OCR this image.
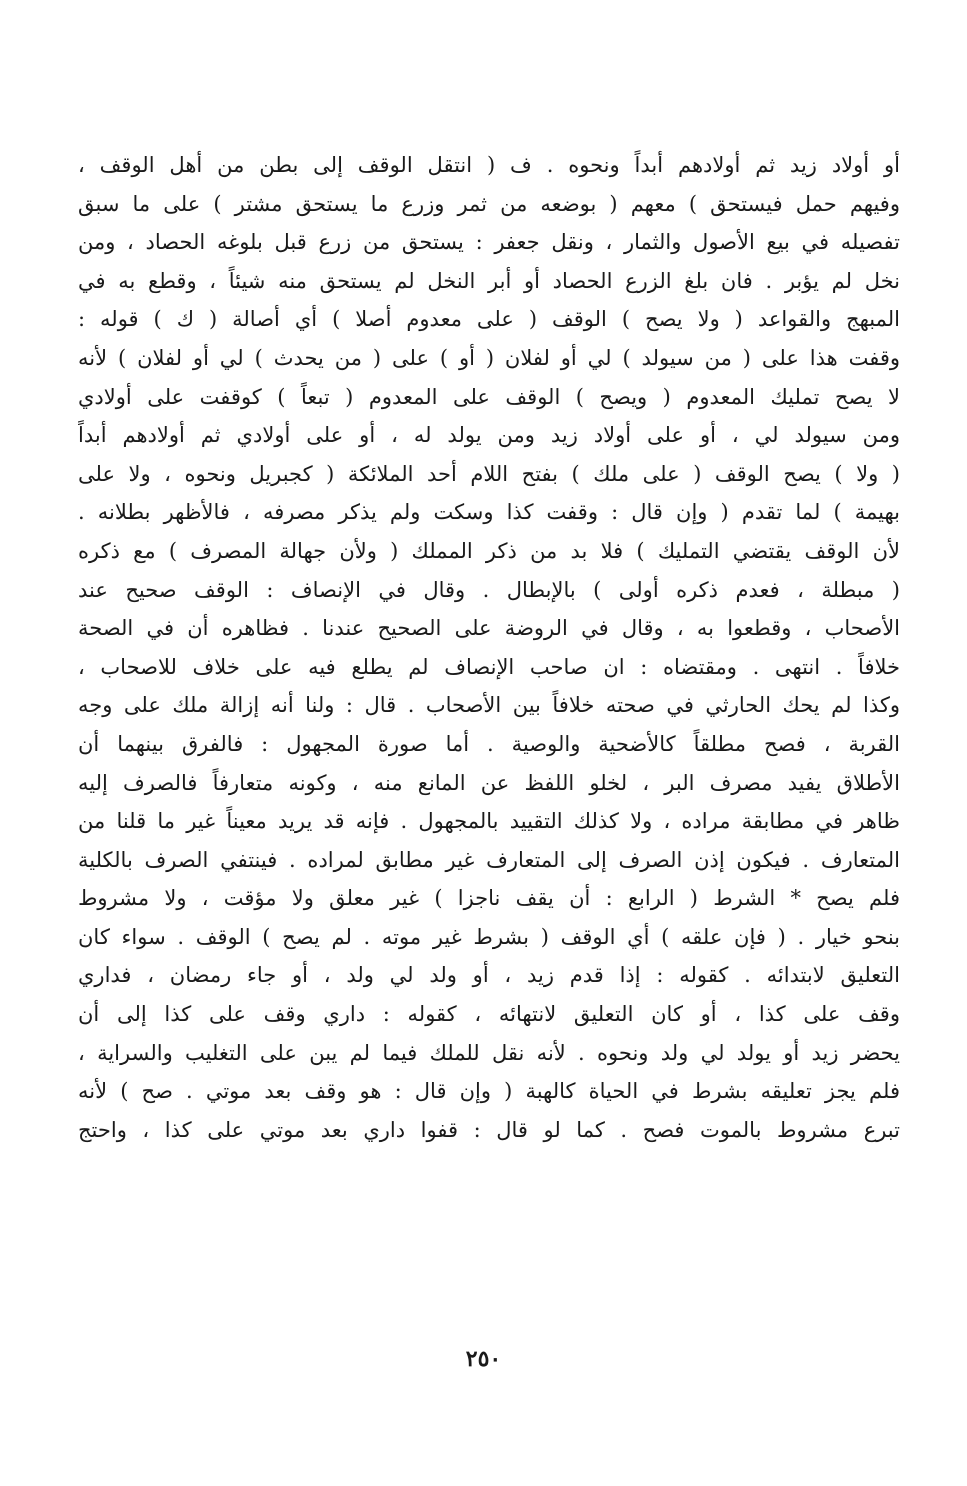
أو أولاد زيد ثم أولادهم أبداً ونحوه . ف ( انتقل الوقف إلى بطن من أهل الوقف ،
وفيهم حمل فيستحق ) معهم ( بوضعه من ثمر وزرع ما يستحق مشتر ) على ما سبق
تفصيله في بيع الأصول والثمار ، ونقل جعفر : يستحق من زرع قبل بلوغه الحصاد ، ومن
نخل لم يؤبر . فان بلغ الزرع الحصاد أو أبر النخل لم يستحق منه شيئاً ، وقطع به في
المبهج والقواعد ( ولا يصح ) الوقف ( على معدوم أصلا ) أي أصالة ( ك ) قوله :
وقفت هذا على ( من سيولد ) لي أو لفلان ( أو ) على ( من يحدث ) لي أو لفلان ) لأنه
لا يصح تمليك المعدوم ( ويصح ) الوقف على المعدوم ( تبعاً ) كوقفت على أولادي
ومن سيولد لي ، أو على أولاد زيد ومن يولد له ، أو على أولادي ثم أولادهم أبداً
( ولا ) يصح الوقف ( على ملك ) بفتح اللام أحد الملائكة ( كجبريل ونحوه ، ولا على
بهيمة ) لما تقدم ( وإن قال : وقفت كذا وسكت ولم يذكر مصرفه ، فالأظهر بطلانه .
لأن الوقف يقتضي التمليك ) فلا بد من ذكر المملك ( ولأن جهالة المصرف ) مع ذكره
( مبطلة ، فعدم ذكره أولى ) بالإبطال . وقال في الإنصاف : الوقف صحيح عند
الأصحاب ، وقطعوا به ، وقال في الروضة على الصحيح عندنا . فظاهره أن في الصحة
خلافاً . انتهى . ومقتضاه : ان صاحب الإنصاف لم يطلع فيه على خلاف للاصحاب ،
وكذا لم يحك الحارثي في صحته خلافاً بين الأصحاب . قال : ولنا أنه إزالة ملك على وجه
القربة ، فصح مطلقاً كالأضحية والوصية . أما صورة المجهول : فالفرق بينهما أن
الأطلاق يفيد مصرف البر ، لخلو اللفظ عن المانع منه ، وكونه متعارفاً فالصرف إليه
ظاهر في مطابقة مراده ، ولا كذلك التقييد بالمجهول . فإنه قد يريد معيناً غير ما قلنا من
المتعارف . فيكون إذن الصرف إلى المتعارف غير مطابق لمراده . فينتفي الصرف بالكلية
فلم يصح * الشرط ( الرابع : أن يقف ناجزا ) غير معلق ولا مؤقت ، ولا مشروط
بنحو خيار . ( فإن علقه ) أي الوقف ( بشرط غير موته . لم يصح ) الوقف . سواء كان
التعليق لابتدائه . كقوله : إذا قدم زيد ، أو ولد لي ولد ، أو جاء رمضان ، فداري
وقف على كذا ، أو كان التعليق لانتهائه ، كقوله : داري وقف على كذا إلى أن
يحضر زيد أو يولد لي ولد ونحوه . لأنه نقل للملك فيما لم يبن على التغليب والسراية ،
فلم يجز تعليقه بشرط في الحياة كالهبة ( وإن قال : هو وقف بعد موتي . صح ) لأنه
تبرع مشروط بالموت فصح . كما لو قال : قفوا داري بعد موتي على كذا ، واحتج
٢٥٠
